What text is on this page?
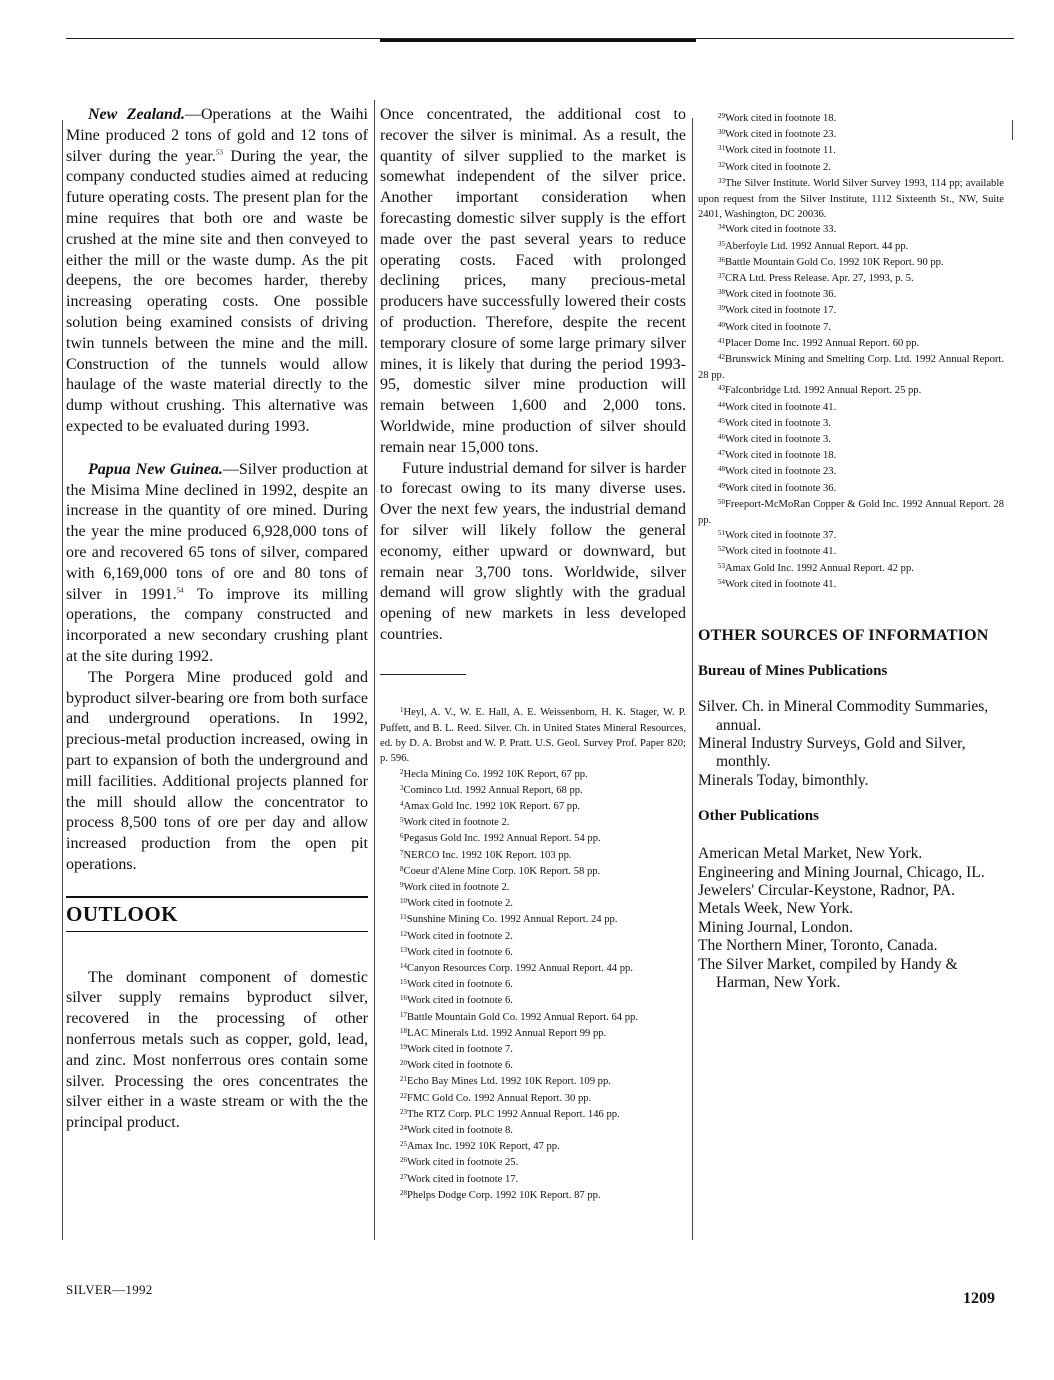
New Zealand.—Operations at the Waihi Mine produced 2 tons of gold and 12 tons of silver during the year.$^{53}$ During the year, the company conducted studies aimed at reducing future operating costs. The present plan for the mine requires that both ore and waste be crushed at the mine site and then conveyed to either the mill or the waste dump. As the pit deepens, the ore becomes harder, thereby increasing operating costs. One possible solution being examined consists of driving twin tunnels between the mine and the mill. Construction of the tunnels would allow haulage of the waste material directly to the dump without crushing. This alternative was expected to be evaluated during 1993.

Papua New Guinea.—Silver production at the Misima Mine declined in 1992, despite an increase in the quantity of ore mined. During the year the mine produced 6,928,000 tons of ore and recovered 65 tons of silver, compared with 6,169,000 tons of ore and 80 tons of silver in 1991.54 To improve its milling operations, the company constructed and incorporated a new secondary crushing plant at the site during 1992.

The Porgera Mine produced gold and byproduct silver-bearing ore from both surface and underground operations. In 1992, precious-metal production increased, owing in part to expansion of both the underground and mill facilities. Additional projects planned for the mill should allow the concentrator to process 8,500 tons of ore per day and allow increased production from the open pit operations.

OUTLOOK

The dominant component of domestic silver supply remains byproduct silver, recovered in the processing of other nonferrous metals such as copper, gold, lead, and zinc. Most nonferrous ores contain some silver. Processing the ores concentrates the silver either in a waste stream or with the the principal product.

Once concentrated, the additional cost to recover the silver is minimal. As a result, the quantity of silver supplied to the market is somewhat independent of the silver price. Another important consideration when forecasting domestic silver supply is the effort made over the past several years to reduce operating costs. Faced with prolonged declining prices, many precious-metal producers have successfully lowered their costs of production. Therefore, despite the recent temporary closure of some large primary silver mines, it is likely that during the period 1993-95, domestic silver mine production will remain between 1,600 and 2,000 tons. Worldwide, mine production of silver should remain near 15,000 tons.

Future industrial demand for silver is harder to forecast owing to its many diverse uses. Over the next few years, the industrial demand for silver will likely follow the general economy, either upward or downward, but remain near 3,700 tons. Worldwide, silver demand will grow slightly with the gradual opening of new markets in less developed countries.

$^1$Heyl, A. V., W. E. Hall, A. E. Weissenborn, H. K. Stager, W. P. Puffett, and B. L. Reed. Silver. Ch. in United States Mineral Resources, ed. by D. A. Brobst and W. P. Pratt. U.S. Geol. Survey Prof. Paper 820; p. 596.

$^2$Hecla Mining Co. 1992 10K Report, 67 pp.

$^3$Cominco Ltd. 1992 Annual Report, 68 pp.

$^4$Amax Gold Inc. 1992 10K Report. 67 pp.

$^5$Work cited in footnote 2.

$^6$Pegasus Gold Inc. 1992 Annual Report. 54 pp.

$^7$NERCO Inc. 1992 10K Report. 103 pp.

$^8$Coeur d'Alene Mine Corp. 10K Report. 58 pp.

$^9$Work cited in footnote 2.

$^{10}$Work cited in footnote 2.

$^{11}$Sunshine Mining Co. 1992 Annual Report. 24 pp.

$^{12}$Work cited in footnote 2.

$^{13}$Work cited in footnote 6.

$^{14}$Canyon Resources Corp. 1992 Annual Report. 44 pp.

$^{15}$Work cited in footnote 6.

$^{16}$Work cited in footnote 6.

$^{17}$Battle Mountain Gold Co. 1992 Annual Report. 64 pp.

$^{18}$LAC Minerals Ltd. 1992 Annual Report 99 pp.

$^{19}$Work cited in footnote 7.

$^{20}$Work cited in footnote 6.

$^{21}$Echo Bay Mines Ltd. 1992 10K Report. 109 pp.

$^{22}$FMC Gold Co. 1992 Annual Report. 30 pp.

$^{23}$The RTZ Corp. PLC 1992 Annual Report. 146 pp.

$^{24}$Work cited in footnote 8.

$^{25}$Amax Inc. 1992 10K Report, 47 pp.

$^{26}$Work cited in footnote 25.

$^{27}$Work cited in footnote 17.

$^{28}$Phelps Dodge Corp. 1992 10K Report. 87 pp.

$^{29}$Work cited in footnote 18.

$^{30}$Work cited in footnote 23.

$^{31}$Work cited in footnote 11.

$^{32}$Work cited in footnote 2.

$^{33}$The Silver Institute. World Silver Survey 1993, 114 pp; available upon request from the Silver Institute, 1112 Sixteenth St., NW, Suite 2401, Washington, DC 20036.

$^{34}$Work cited in footnote 33.

$^{35}$Aberfoyle Ltd. 1992 Annual Report. 44 pp.

$^{36}$Battle Mountain Gold Co. 1992 10K Report. 90 pp.

$^{37}$CRA Ltd. Press Release. Apr. 27, 1993, p. 5.

$^{38}$Work cited in footnote 36.

$^{39}$Work cited in footnote 17.

$^{40}$Work cited in footnote 7.

$^{41}$Placer Dome Inc. 1992 Annual Report. 60 pp.

$^{42}$Brunswick Mining and Smelting Corp. Ltd. 1992 Annual Report. 28 pp.

$^{43}$Falconbridge Ltd. 1992 Annual Report. 25 pp.

$^{44}$Work cited in footnote 41.

$^{45}$Work cited in footnote 3.

$^{46}$Work cited in footnote 3.

$^{47}$Work cited in footnote 18.

$^{48}$Work cited in footnote 23.

$^{49}$Work cited in footnote 36.

$^{50}$Freeport-McMoRan Copper & Gold Inc. 1992 Annual Report. 28 pp.

$^{51}$Work cited in footnote 37.

$^{52}$Work cited in footnote 41.

$^{53}$Amax Gold Inc. 1992 Annual Report. 42 pp.

$^{54}$Work cited in footnote 41.

OTHER SOURCES OF INFORMATION
Bureau of Mines Publications
Silver. Ch. in Mineral Commodity Summaries, annual.
Mineral Industry Surveys, Gold and Silver, monthly.
Minerals Today, bimonthly.
Other Publications
American Metal Market, New York.
Engineering and Mining Journal, Chicago, IL.
Jewelers' Circular-Keystone, Radnor, PA.
Metals Week, New York.
Mining Journal, London.
The Northern Miner, Toronto, Canada.
The Silver Market, compiled by Handy & Harman, New York.
SILVER—1992
1209
